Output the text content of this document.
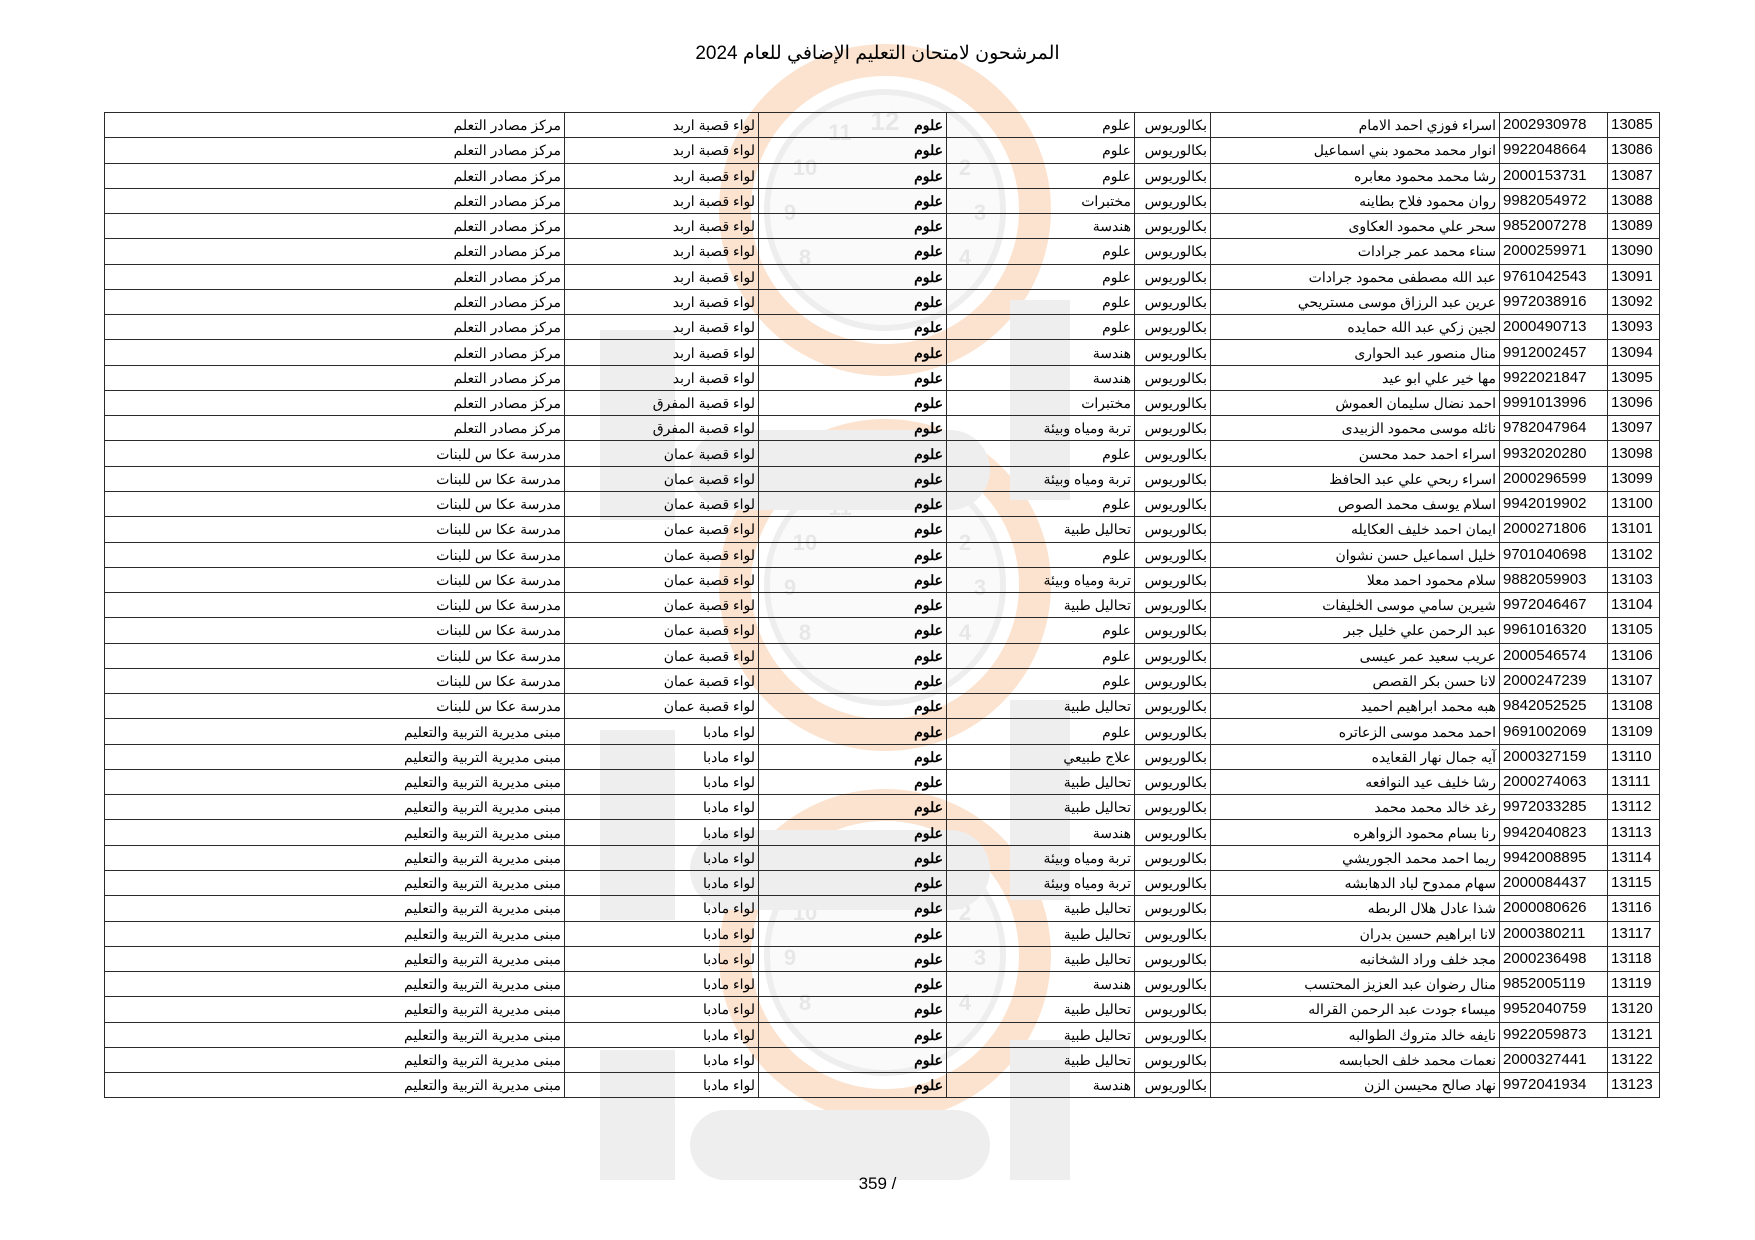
12
11
10
9
8
3
2
4
12
11
10
9
8
3
2
4
12
11
10
9
8
3
2
4
المرشحون لامتحان التعليم الإضافي للعام 2024
13085	2002930978	اسراء فوزي احمد الامام	بكالوريوس	علوم	علوم	لواء قصبة اربد	مركز مصادر التعلم
13086	9922048664	انوار محمد محمود بني اسماعيل	بكالوريوس	علوم	علوم	لواء قصبة اربد	مركز مصادر التعلم
13087	2000153731	رشا محمد محمود معابره	بكالوريوس	علوم	علوم	لواء قصبة اربد	مركز مصادر التعلم
13088	9982054972	روان محمود فلاح بطاينه	بكالوريوس	مختبرات	علوم	لواء قصبة اربد	مركز مصادر التعلم
13089	9852007278	سحر علي محمود العكاوى	بكالوريوس	هندسة	علوم	لواء قصبة اربد	مركز مصادر التعلم
13090	2000259971	سناء محمد عمر جرادات	بكالوريوس	علوم	علوم	لواء قصبة اربد	مركز مصادر التعلم
13091	9761042543	عبد الله مصطفى محمود جرادات	بكالوريوس	علوم	علوم	لواء قصبة اربد	مركز مصادر التعلم
13092	9972038916	عرين عبد الرزاق موسى مستريحي	بكالوريوس	علوم	علوم	لواء قصبة اربد	مركز مصادر التعلم
13093	2000490713	لجين زكي عبد الله حمايده	بكالوريوس	علوم	علوم	لواء قصبة اربد	مركز مصادر التعلم
13094	9912002457	منال منصور عبد الحوارى	بكالوريوس	هندسة	علوم	لواء قصبة اربد	مركز مصادر التعلم
13095	9922021847	مها خير علي ابو عيد	بكالوريوس	هندسة	علوم	لواء قصبة اربد	مركز مصادر التعلم
13096	9991013996	احمد نضال سليمان العموش	بكالوريوس	مختبرات	علوم	لواء قصبة المفرق	مركز مصادر التعلم
13097	9782047964	نائله موسى محمود الزبيدى	بكالوريوس	تربة ومياه وبيئة	علوم	لواء قصبة المفرق	مركز مصادر التعلم
13098	9932020280	اسراء احمد حمد محسن	بكالوريوس	علوم	علوم	لواء قصبة عمان	مدرسة عكا س للبنات
13099	2000296599	اسراء ربحي علي عبد الحافظ	بكالوريوس	تربة ومياه وبيئة	علوم	لواء قصبة عمان	مدرسة عكا س للبنات
13100	9942019902	اسلام يوسف محمد الصوص	بكالوريوس	علوم	علوم	لواء قصبة عمان	مدرسة عكا س للبنات
13101	2000271806	ايمان احمد خليف العكايله	بكالوريوس	تحاليل طبية	علوم	لواء قصبة عمان	مدرسة عكا س للبنات
13102	9701040698	خليل اسماعيل حسن نشوان	بكالوريوس	علوم	علوم	لواء قصبة عمان	مدرسة عكا س للبنات
13103	9882059903	سلام محمود احمد معلا	بكالوريوس	تربة ومياه وبيئة	علوم	لواء قصبة عمان	مدرسة عكا س للبنات
13104	9972046467	شيرين سامي موسى الخليفات	بكالوريوس	تحاليل طبية	علوم	لواء قصبة عمان	مدرسة عكا س للبنات
13105	9961016320	عبد الرحمن علي خليل جبر	بكالوريوس	علوم	علوم	لواء قصبة عمان	مدرسة عكا س للبنات
13106	2000546574	عريب سعيد عمر عيسى	بكالوريوس	علوم	علوم	لواء قصبة عمان	مدرسة عكا س للبنات
13107	2000247239	لانا حسن بكر القصص	بكالوريوس	علوم	علوم	لواء قصبة عمان	مدرسة عكا س للبنات
13108	9842052525	هبه محمد ابراهيم احميد	بكالوريوس	تحاليل طبية	علوم	لواء قصبة عمان	مدرسة عكا س للبنات
13109	9691002069	احمد محمد موسى الزعاتره	بكالوريوس	علوم	علوم	لواء مادبا	مبنى مديرية التربية والتعليم
13110	2000327159	آيه جمال نهار القعايده	بكالوريوس	علاج طبيعي	علوم	لواء مادبا	مبنى مديرية التربية والتعليم
13111	2000274063	رشا خليف عيد النوافعه	بكالوريوس	تحاليل طبية	علوم	لواء مادبا	مبنى مديرية التربية والتعليم
13112	9972033285	رغد خالد محمد محمد	بكالوريوس	تحاليل طبية	علوم	لواء مادبا	مبنى مديرية التربية والتعليم
13113	9942040823	رنا بسام محمود الزواهره	بكالوريوس	هندسة	علوم	لواء مادبا	مبنى مديرية التربية والتعليم
13114	9942008895	ريما احمد محمد الجوريشي	بكالوريوس	تربة ومياه وبيئة	علوم	لواء مادبا	مبنى مديرية التربية والتعليم
13115	2000084437	سهام ممدوح لباد الدهابشه	بكالوريوس	تربة ومياه وبيئة	علوم	لواء مادبا	مبنى مديرية التربية والتعليم
13116	2000080626	شذا عادل هلال الربطه	بكالوريوس	تحاليل طبية	علوم	لواء مادبا	مبنى مديرية التربية والتعليم
13117	2000380211	لانا ابراهيم حسين بدران	بكالوريوس	تحاليل طبية	علوم	لواء مادبا	مبنى مديرية التربية والتعليم
13118	2000236498	مجد خلف وراد الشخانبه	بكالوريوس	تحاليل طبية	علوم	لواء مادبا	مبنى مديرية التربية والتعليم
13119	9852005119	منال رضوان عبد العزيز المحتسب	بكالوريوس	هندسة	علوم	لواء مادبا	مبنى مديرية التربية والتعليم
13120	9952040759	ميساء جودت عبد الرحمن القراله	بكالوريوس	تحاليل طبية	علوم	لواء مادبا	مبنى مديرية التربية والتعليم
13121	9922059873	نايفه خالد متروك الطوالبه	بكالوريوس	تحاليل طبية	علوم	لواء مادبا	مبنى مديرية التربية والتعليم
13122	2000327441	نعمات محمد خلف الحبابسه	بكالوريوس	تحاليل طبية	علوم	لواء مادبا	مبنى مديرية التربية والتعليم
13123	9972041934	نهاد صالح محيسن الزن	بكالوريوس	هندسة	علوم	لواء مادبا	مبنى مديرية التربية والتعليم
359 /
